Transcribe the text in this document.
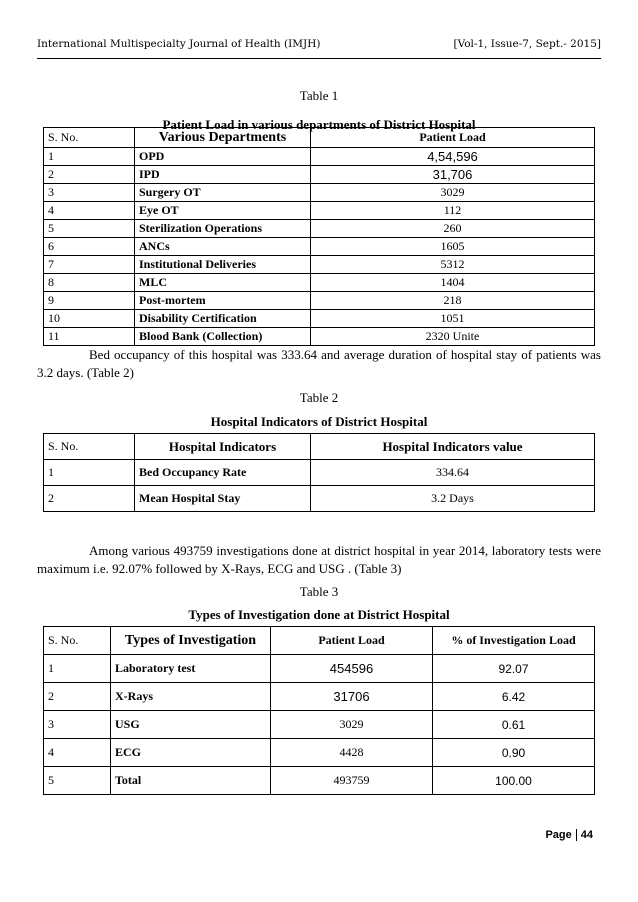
International Multispecialty Journal of Health (IMJH)	[Vol-1, Issue-7, Sept.- 2015]
Table 1
Patient Load in various departments of District Hospital
S. No.	Various Departments	Patient Load
1	OPD	4,54,596
2	IPD	31,706
3	Surgery OT	3029
4	Eye OT	112
5	Sterilization Operations	260
6	ANCs	1605
7	Institutional Deliveries	5312
8	MLC	1404
9	Post-mortem	218
10	Disability Certification	1051
11	Blood Bank (Collection)	2320 Unite
Bed occupancy of this hospital was 333.64 and average duration of hospital stay of patients was 3.2 days. (Table 2)
Table 2
Hospital Indicators of District Hospital
S. No.	Hospital Indicators	Hospital Indicators value
1	Bed Occupancy Rate	334.64
2	Mean Hospital Stay	3.2 Days
Among various 493759 investigations done at district hospital in year 2014, laboratory tests were maximum i.e. 92.07% followed by X-Rays, ECG and USG . (Table 3)
Table 3
Types of Investigation done at District Hospital
S. No.	Types of Investigation	Patient Load	% of Investigation Load
1	Laboratory test	454596	92.07
2	X-Rays	31706	6.42
3	USG	3029	0.61
4	ECG	4428	0.90
5	Total	493759	100.00
Page 44
